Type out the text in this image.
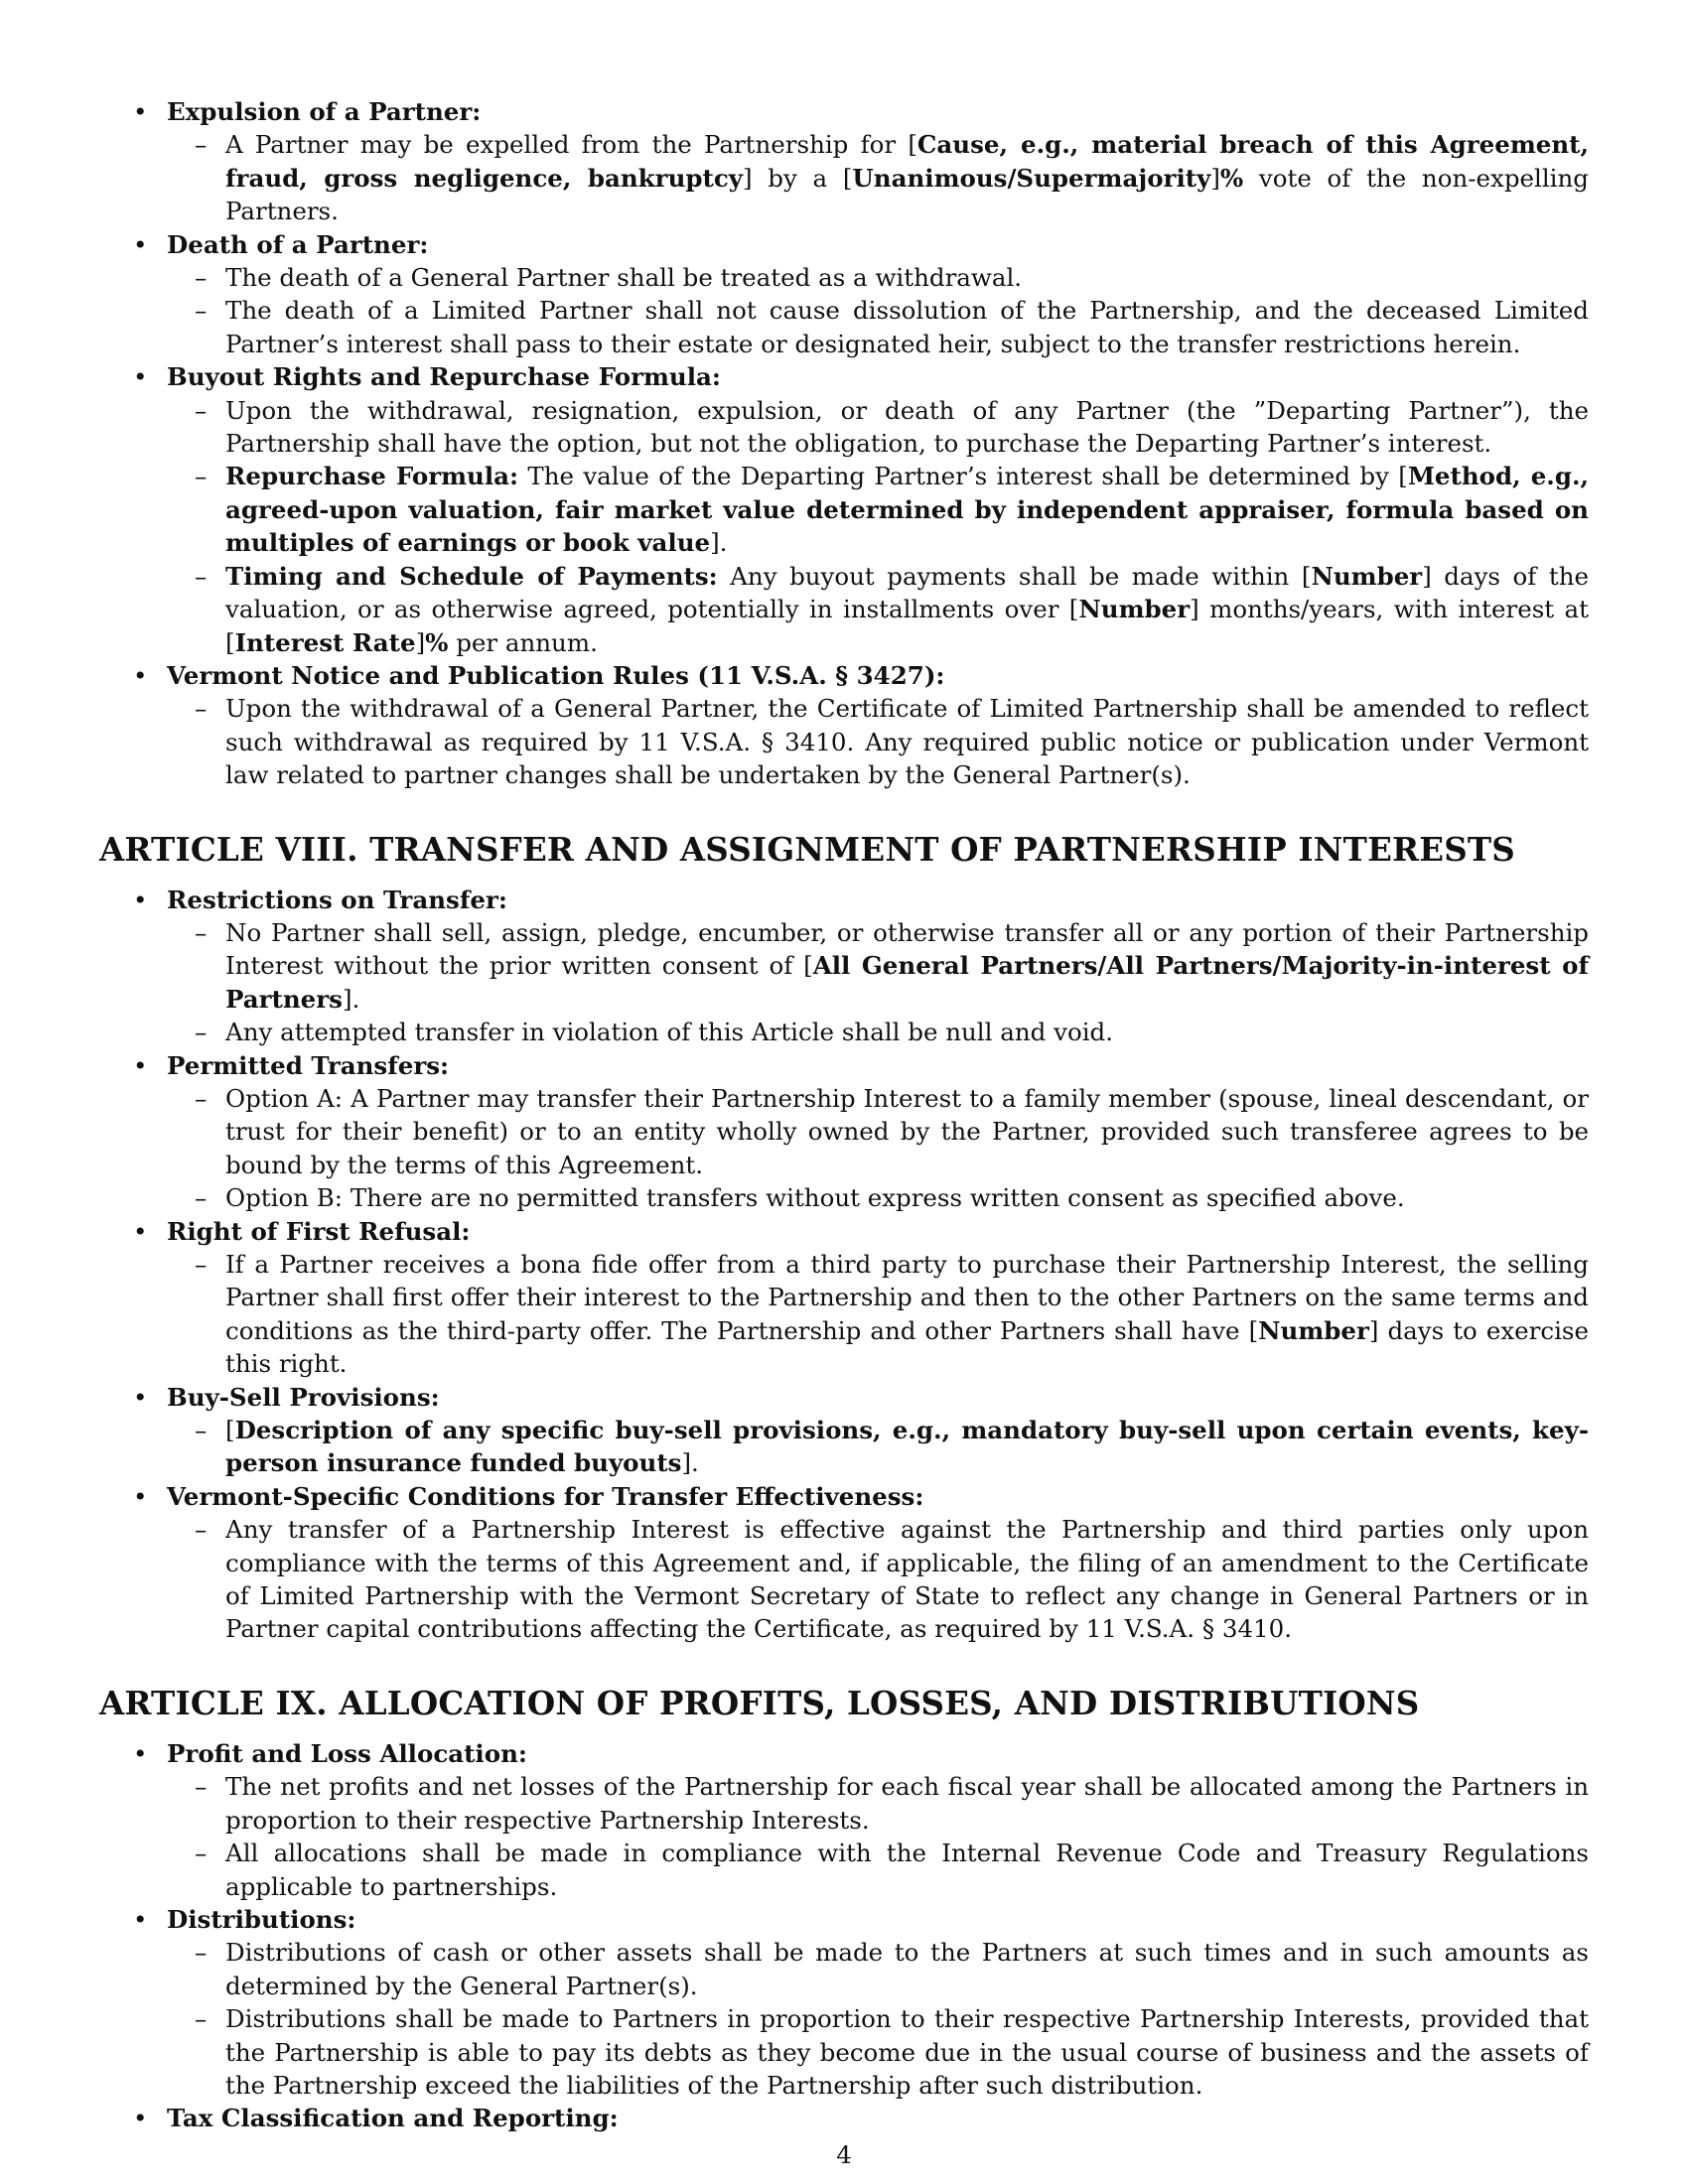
• Expulsion of a Partner:
– A Partner may be expelled from the Partnership for [Cause, e.g., material breach of this Agreement, fraud, gross negligence, bankruptcy] by a [Unanimous/Supermajority]% vote of the non-expelling Partners.
• Death of a Partner:
– The death of a General Partner shall be treated as a withdrawal.
– The death of a Limited Partner shall not cause dissolution of the Partnership, and the deceased Limited Partner’s interest shall pass to their estate or designated heir, subject to the transfer restrictions herein.
• Buyout Rights and Repurchase Formula:
– Upon the withdrawal, resignation, expulsion, or death of any Partner (the ”Departing Partner”), the Partnership shall have the option, but not the obligation, to purchase the Departing Partner’s interest.
– Repurchase Formula: The value of the Departing Partner’s interest shall be determined by [Method, e.g., agreed-upon valuation, fair market value determined by independent appraiser, formula based on multiples of earnings or book value].
– Timing and Schedule of Payments: Any buyout payments shall be made within [Number] days of the valuation, or as otherwise agreed, potentially in installments over [Number] months/years, with interest at [Interest Rate]% per annum.
• Vermont Notice and Publication Rules (11 V.S.A. § 3427):
– Upon the withdrawal of a General Partner, the Certificate of Limited Partnership shall be amended to reflect such withdrawal as required by 11 V.S.A. § 3410. Any required public notice or publication under Vermont law related to partner changes shall be undertaken by the General Partner(s).
ARTICLE VIII. TRANSFER AND ASSIGNMENT OF PARTNERSHIP INTERESTS
• Restrictions on Transfer:
– No Partner shall sell, assign, pledge, encumber, or otherwise transfer all or any portion of their Partnership Interest without the prior written consent of [All General Partners/All Partners/Majority-in-interest of Partners].
– Any attempted transfer in violation of this Article shall be null and void.
• Permitted Transfers:
– Option A: A Partner may transfer their Partnership Interest to a family member (spouse, lineal descendant, or trust for their benefit) or to an entity wholly owned by the Partner, provided such transferee agrees to be bound by the terms of this Agreement.
– Option B: There are no permitted transfers without express written consent as specified above.
• Right of First Refusal:
– If a Partner receives a bona fide offer from a third party to purchase their Partnership Interest, the selling Partner shall first offer their interest to the Partnership and then to the other Partners on the same terms and conditions as the third-party offer. The Partnership and other Partners shall have [Number] days to exercise this right.
• Buy-Sell Provisions:
– [Description of any specific buy-sell provisions, e.g., mandatory buy-sell upon certain events, key-person insurance funded buyouts].
• Vermont-Specific Conditions for Transfer Effectiveness:
– Any transfer of a Partnership Interest is effective against the Partnership and third parties only upon compliance with the terms of this Agreement and, if applicable, the filing of an amendment to the Certificate of Limited Partnership with the Vermont Secretary of State to reflect any change in General Partners or in Partner capital contributions affecting the Certificate, as required by 11 V.S.A. § 3410.
ARTICLE IX. ALLOCATION OF PROFITS, LOSSES, AND DISTRIBUTIONS
• Profit and Loss Allocation:
– The net profits and net losses of the Partnership for each fiscal year shall be allocated among the Partners in proportion to their respective Partnership Interests.
– All allocations shall be made in compliance with the Internal Revenue Code and Treasury Regulations applicable to partnerships.
• Distributions:
– Distributions of cash or other assets shall be made to the Partners at such times and in such amounts as determined by the General Partner(s).
– Distributions shall be made to Partners in proportion to their respective Partnership Interests, provided that the Partnership is able to pay its debts as they become due in the usual course of business and the assets of the Partnership exceed the liabilities of the Partnership after such distribution.
• Tax Classification and Reporting:
4
